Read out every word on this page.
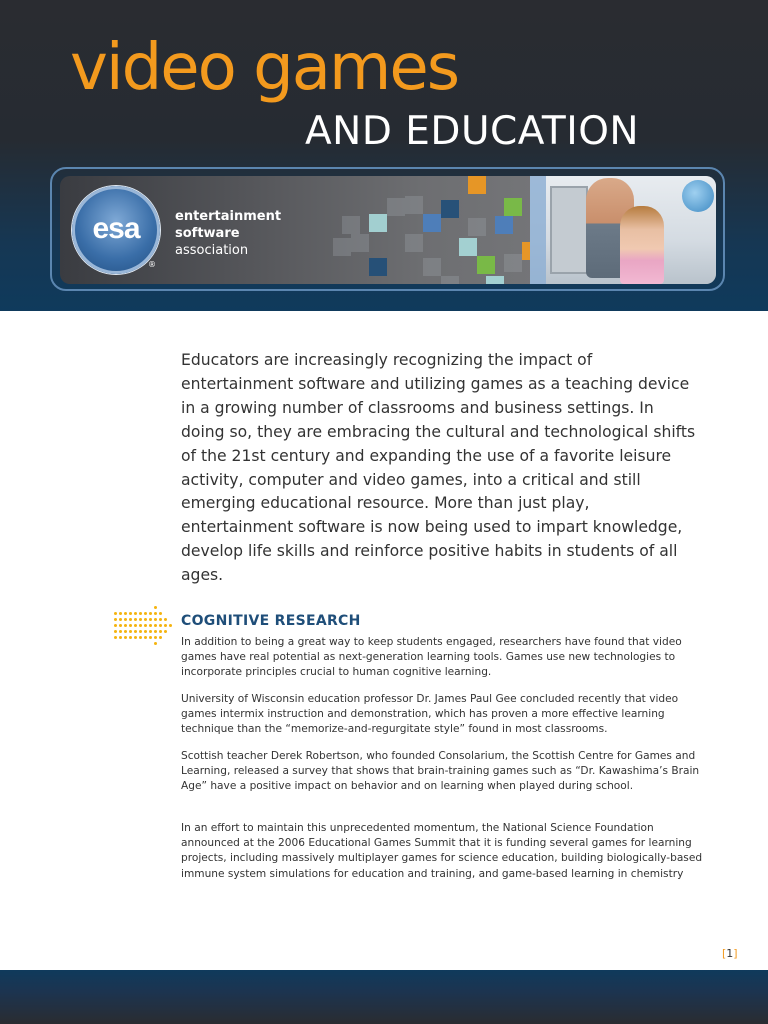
video games
AND EDUCATION
esa
®
entertainment
software
association

Educators are increasingly recognizing the impact of entertainment software and utilizing games as a teaching device in a growing number of classrooms and business settings. In doing so, they are embracing the cultural and technological shifts of the 21st century and expanding the use of a favorite leisure activity, computer and video games, into a critical and still emerging educational resource. More than just play, entertainment software is now being used to impart knowledge, develop life skills and reinforce positive habits in students of all ages.

COGNITIVE RESEARCH

In addition to being a great way to keep students engaged, researchers have found that video games have real potential as next-generation learning tools. Games use new technologies to incorporate principles crucial to human cognitive learning.

University of Wisconsin education professor Dr. James Paul Gee concluded recently that video games intermix instruction and demonstration, which has proven a more effective learning technique than the “memorize-and-regurgitate style” found in most classrooms.

Scottish teacher Derek Robertson, who founded Consolarium, the Scottish Centre for Games and Learning, released a survey that shows that brain-training games such as “Dr. Kawashima’s Brain Age” have a positive impact on behavior and on learning when played during school.

In an effort to maintain this unprecedented momentum, the National Science Foundation announced at the 2006 Educational Games Summit that it is funding several games for learning projects, including massively multiplayer games for science education, building biologically-based immune system simulations for education and training, and game-based learning in chemistry

[1]
